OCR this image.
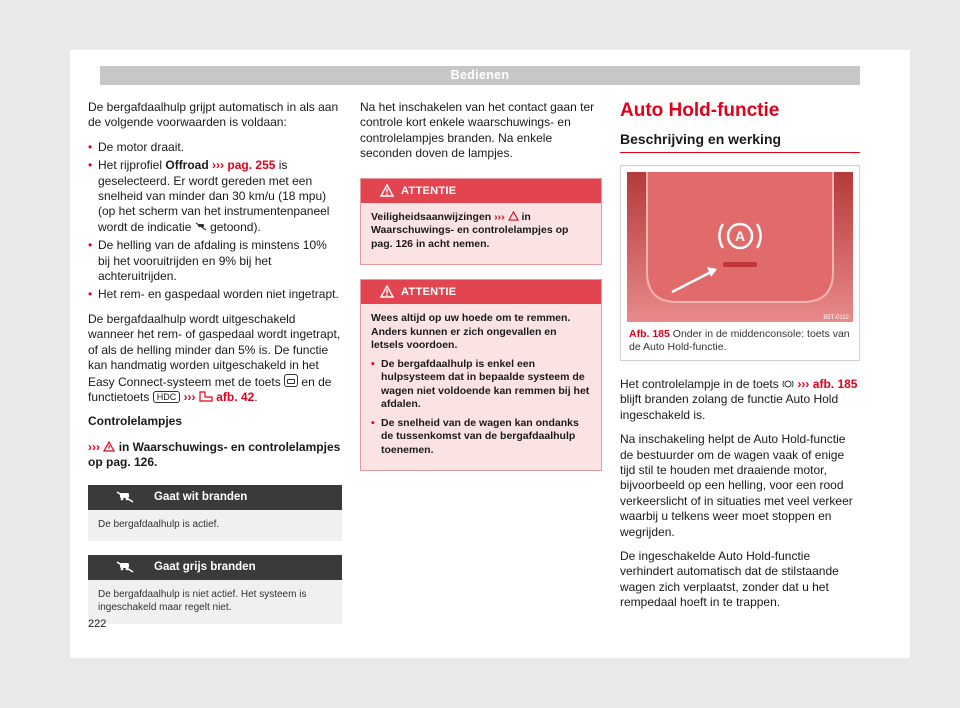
Bedienen

De bergafdaalhulp grijpt automatisch in als aan de volgende voorwaarden is voldaan:

• De motor draait.
• Het rijprofiel Offroad ››› pag. 255 is geselecteerd. Er wordt gereden met een snelheid van minder dan 30 km/u (18 mpu) (op het scherm van het instrumentenpaneel wordt de indicatie  getoond).
• De helling van de afdaling is minstens 10% bij het vooruitrijden en 9% bij het achteruitrijden.
• Het rem- en gaspedaal worden niet ingetrapt.

De bergafdaalhulp wordt uitgeschakeld wanneer het rem- of gaspedaal wordt ingetrapt, of als de helling minder dan 5% is. De functie kan handmatig worden uitgeschakeld in het Easy Connect-systeem met de toets  en de functietoets HDC ››› afb. 42.

Controlelampjes

››› in Waarschuwings- en controlelampjes op pag. 126.

Gaat wit branden
De bergafdaalhulp is actief.
Gaat grijs branden
De bergafdaalhulp is niet actief. Het systeem is ingeschakeld maar regelt niet.

Na het inschakelen van het contact gaan ter controle kort enkele waarschuwings- en controlelampjes branden. Na enkele seconden doven de lampjes.

ATTENTIE

Veiligheidsaanwijzingen ›››  in Waarschuwings- en controlelampjes op pag. 126 in acht nemen.

ATTENTIE

Wees altijd op uw hoede om te remmen. Anders kunnen er zich ongevallen en letsels voordoen.

• De bergafdaalhulp is enkel een hulpsysteem dat in bepaalde systeem de wagen niet voldoende kan remmen bij het afdalen.
• De snelheid van de wagen kan ondanks de tussenkomst van de bergafdaalhulp toenemen.
Auto Hold-functie
Beschrijving en werking
A
B5T-0112
Afb. 185 Onder in de middenconsole: toets van de Auto Hold-functie.

Het controlelampje in de toets  ››› afb. 185 blijft branden zolang de functie Auto Hold ingeschakeld is.

Na inschakeling helpt de Auto Hold-functie de bestuurder om de wagen vaak of enige tijd stil te houden met draaiende motor, bijvoorbeeld op een helling, voor een rood verkeerslicht of in situaties met veel verkeer waarbij u telkens weer moet stoppen en wegrijden.

De ingeschakelde Auto Hold-functie verhindert automatisch dat de stilstaande wagen zich verplaatst, zonder dat u het rempedaal hoeft in te trappen.

222
